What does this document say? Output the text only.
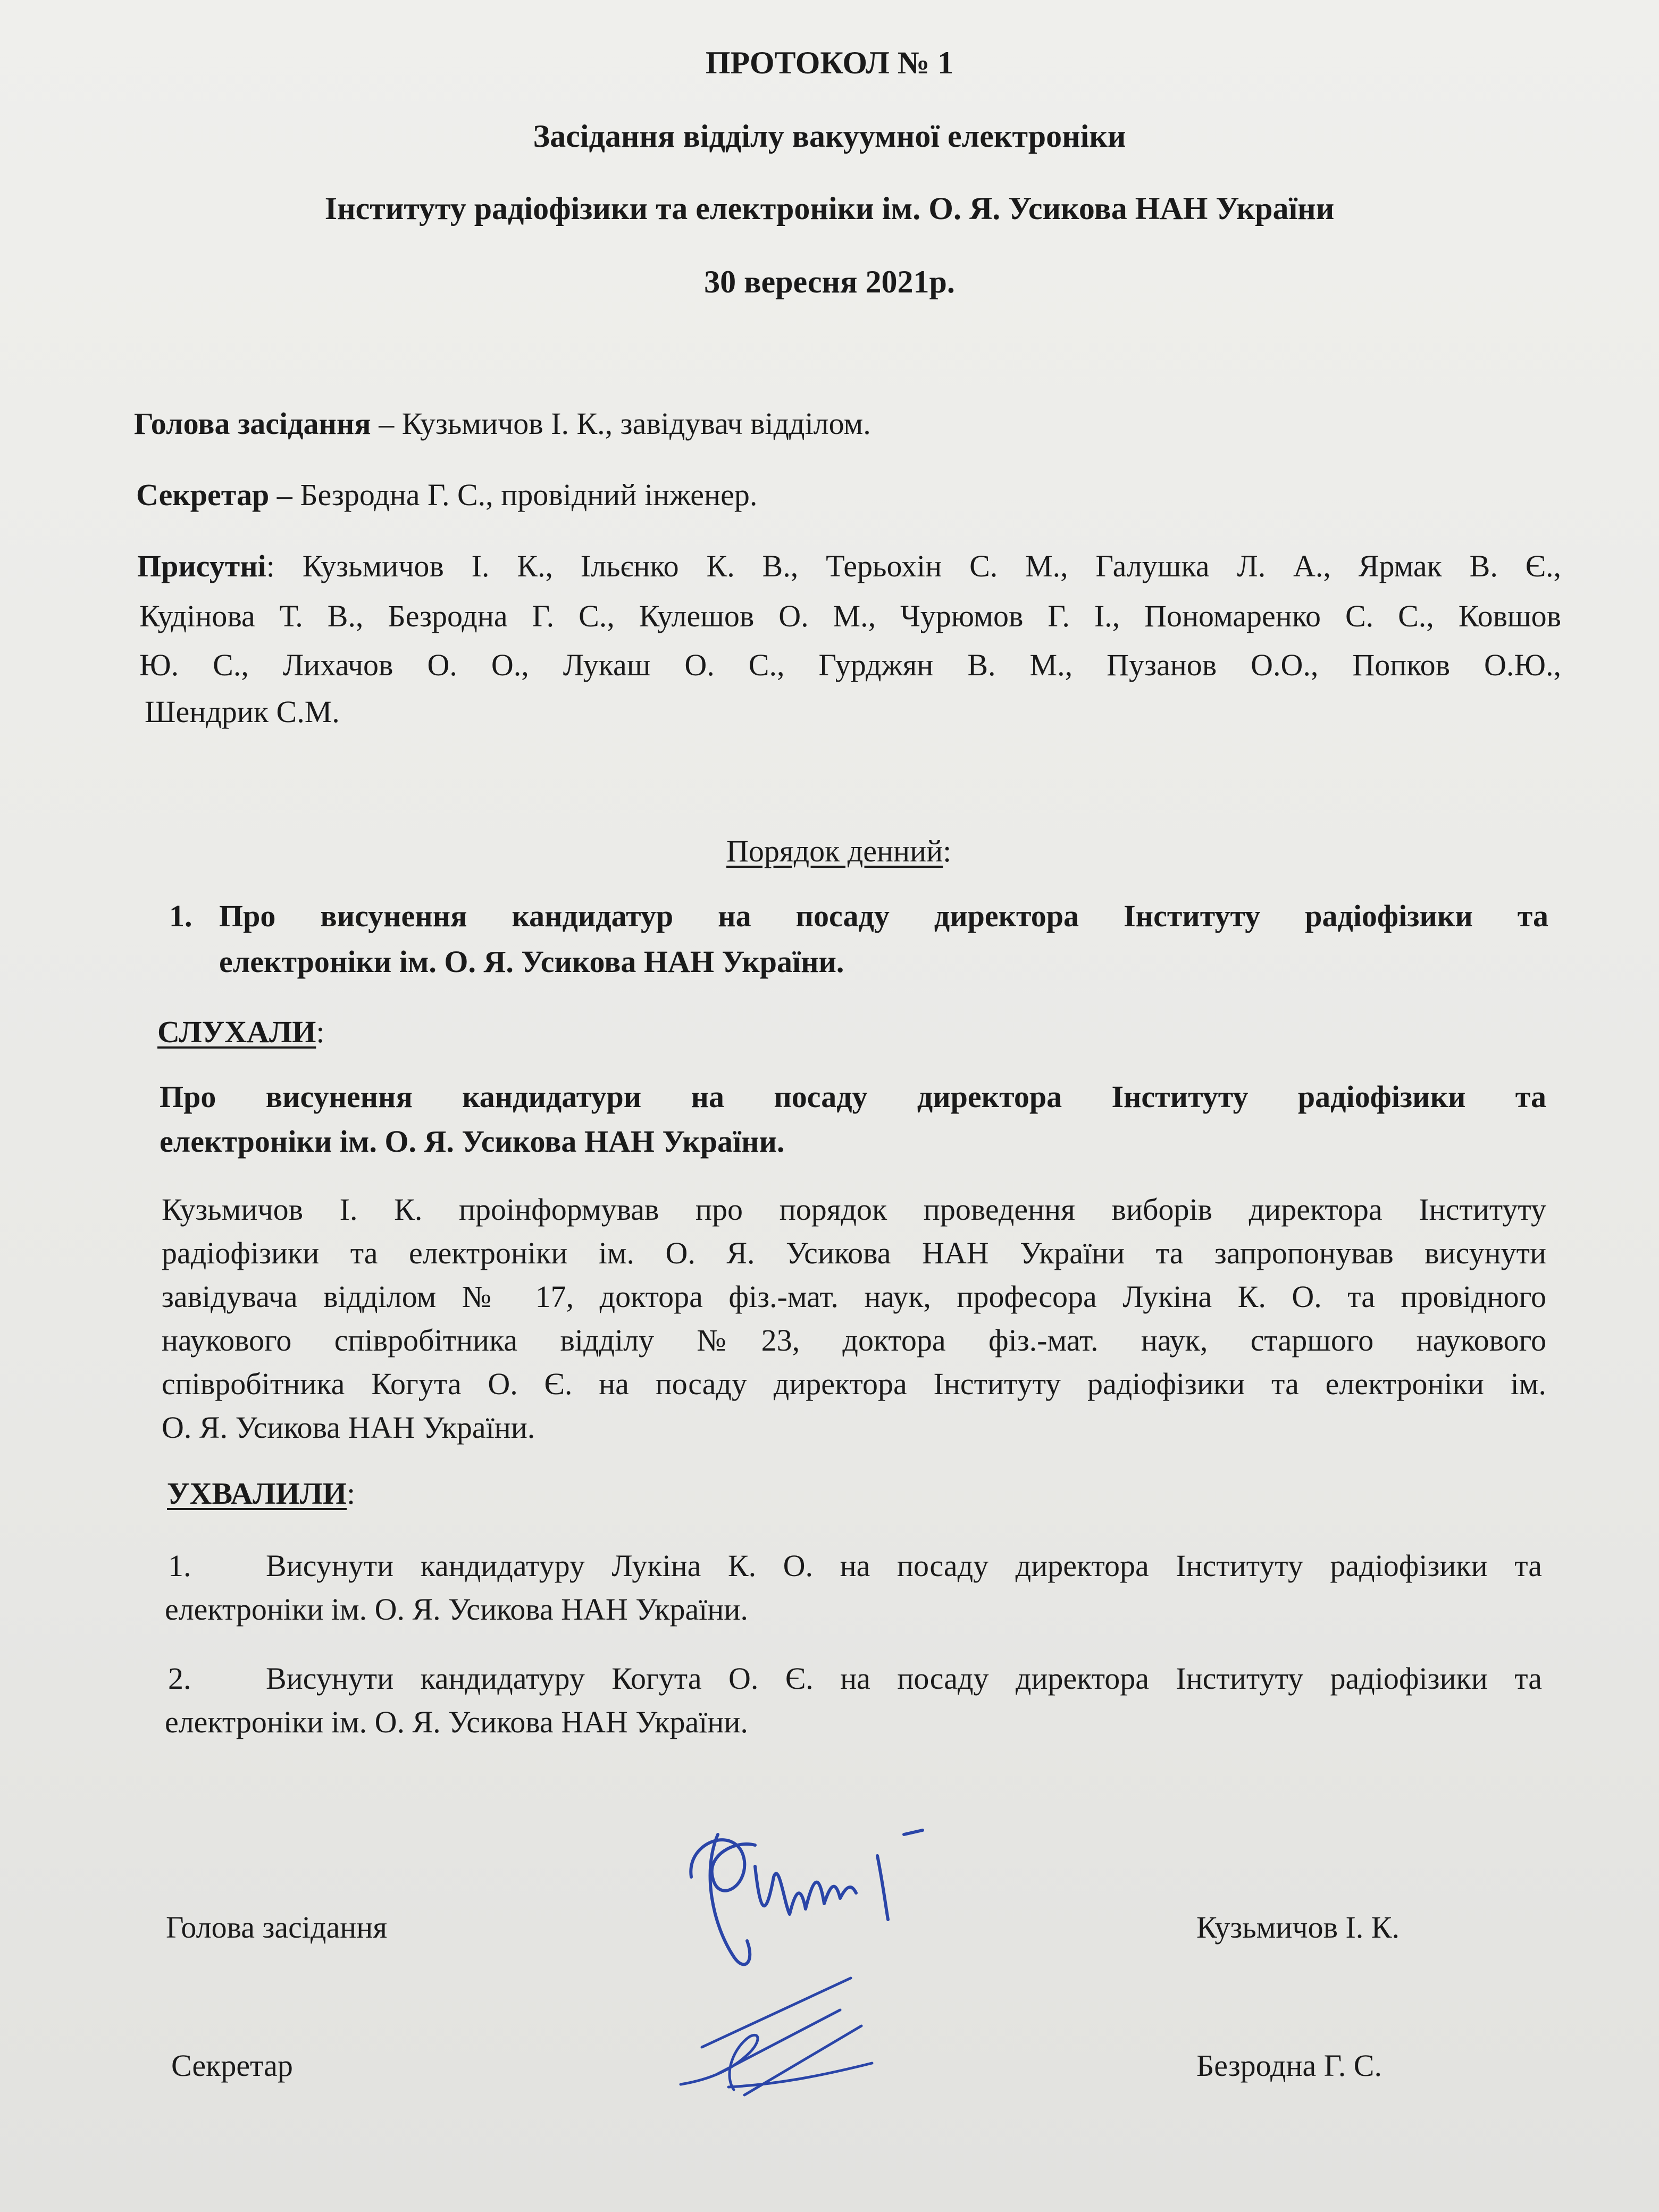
ПРОТОКОЛ № 1
Засідання відділу вакуумної електроніки
Інституту радіофізики та електроніки ім. О. Я. Усикова НАН України
30 вересня 2021р.
Голова засідання – Кузьмичов І. К., завідувач відділом.
Секретар – Безродна Г. С., провідний інженер.
Присутні: Кузьмичов І. К., Ільєнко К. В., Терьохін С. М., Галушка Л. А., Ярмак В. Є.,
Кудінова Т. В., Безродна Г. С., Кулешов О. М., Чурюмов Г. І., Пономаренко С. С., Ковшов
Ю. С., Лихачов О. О., Лукаш О. С., Гурджян В. М., Пузанов О.О., Попков О.Ю.,
Шендрик С.М.
Порядок денний:
1. Про висунення кандидатур на посаду директора Інституту радіофізики та
електроніки ім. О. Я. Усикова НАН України.
СЛУХАЛИ:
Про висунення кандидатури на посаду директора Інституту радіофізики та
електроніки ім. О. Я. Усикова НАН України.
Кузьмичов І. К. проінформував про порядок проведення виборів директора Інституту
радіофізики та електроніки ім. О. Я. Усикова НАН України та запропонував висунути
завідувача відділом № 17, доктора фіз.-мат. наук, професора Лукіна К. О. та провідного
наукового співробітника відділу №23, доктора фіз.-мат. наук, старшого наукового
співробітника Когута О. Є. на посаду директора Інституту радіофізики та електроніки ім.
О. Я. Усикова НАН України.
УХВАЛИЛИ:
1. Висунути кандидатуру Лукіна К. О. на посаду директора Інституту радіофізики та
електроніки ім. О. Я. Усикова НАН України.
2. Висунути кандидатуру Когута О. Є. на посаду директора Інституту радіофізики та
електроніки ім. О. Я. Усикова НАН України.
Голова засідання	Кузьмичов І. К.
Секретар	Безродна Г. С.
